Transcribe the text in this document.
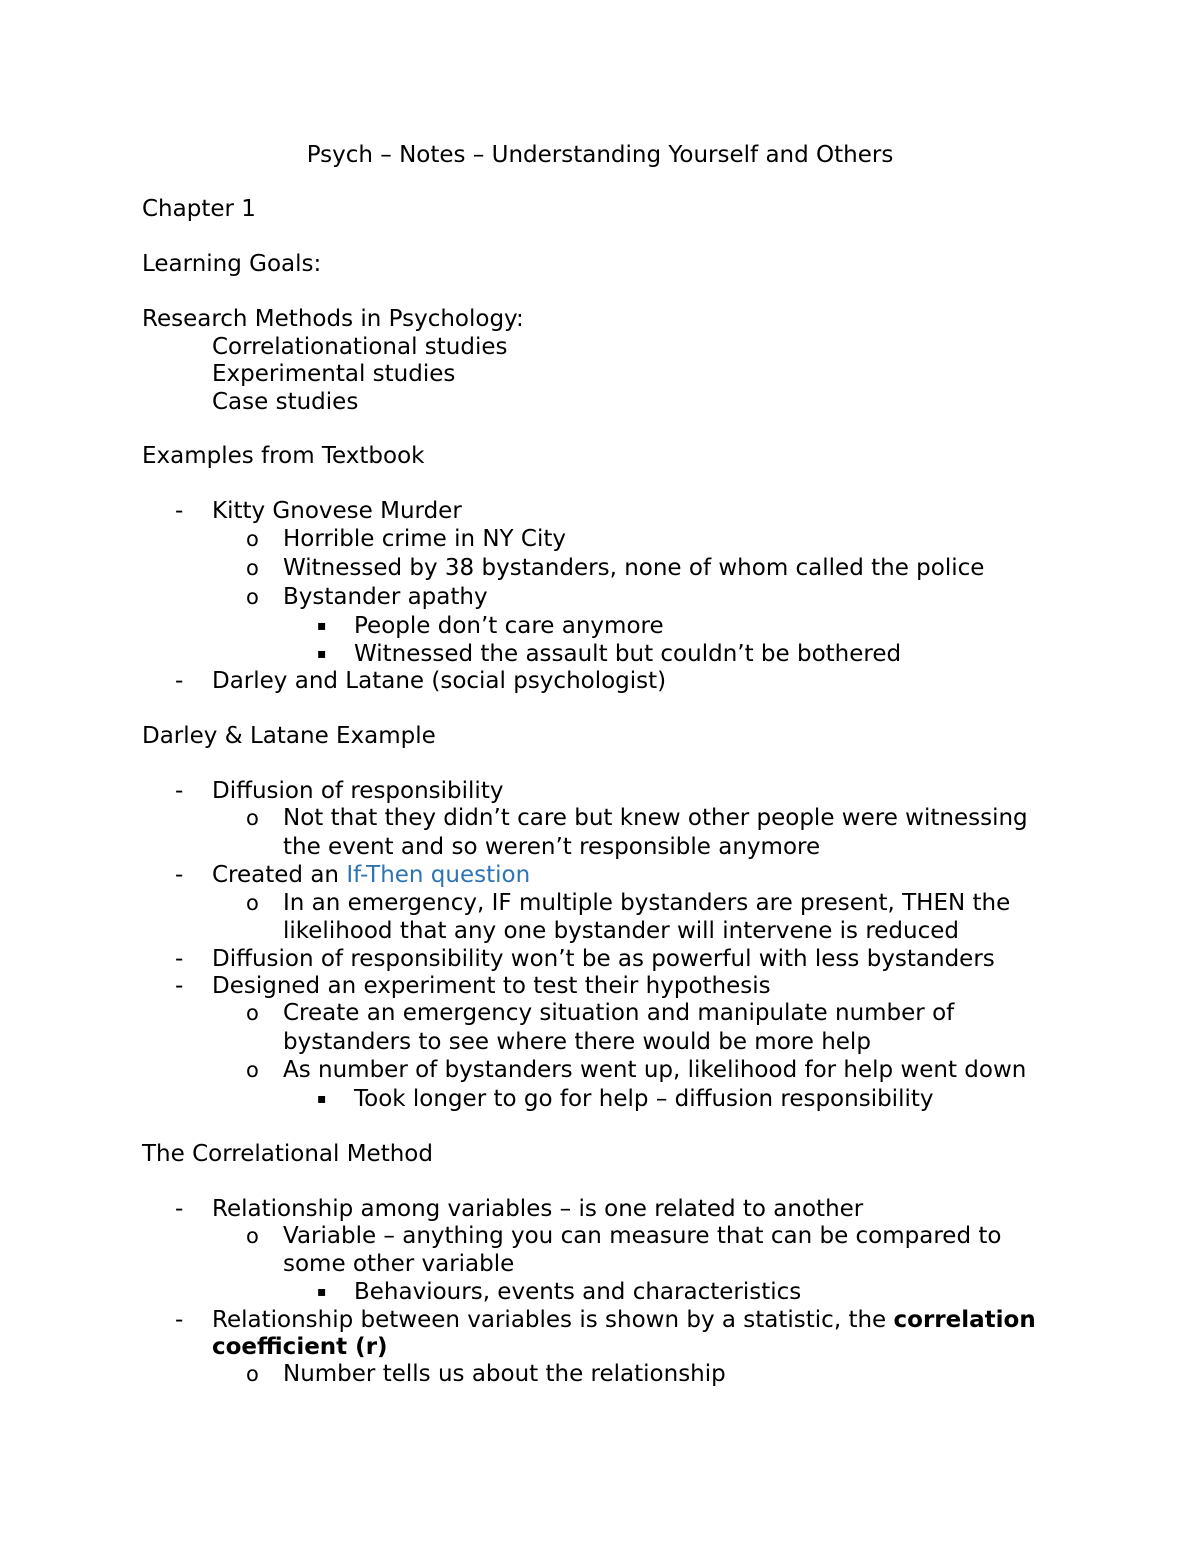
Psych – Notes – Understanding Yourself and Others
Chapter 1
Learning Goals:
Research Methods in Psychology:
Correlationational studies
Experimental studies
Case studies
Examples from Textbook
- Kitty Gnovese Murder
o Horrible crime in NY City
o Witnessed by 38 bystanders, none of whom called the police
o Bystander apathy
▪ People don’t care anymore
▪ Witnessed the assault but couldn’t be bothered
- Darley and Latane (social psychologist)
Darley & Latane Example
- Diffusion of responsibility
o Not that they didn’t care but knew other people were witnessing
the event and so weren’t responsible anymore
- Created an If-Then question
o In an emergency, IF multiple bystanders are present, THEN the
likelihood that any one bystander will intervene is reduced
- Diffusion of responsibility won’t be as powerful with less bystanders
- Designed an experiment to test their hypothesis
o Create an emergency situation and manipulate number of
bystanders to see where there would be more help
o As number of bystanders went up, likelihood for help went down
▪ Took longer to go for help – diffusion responsibility
The Correlational Method
- Relationship among variables – is one related to another
o Variable – anything you can measure that can be compared to
some other variable
▪ Behaviours, events and characteristics
- Relationship between variables is shown by a statistic, the correlation
coefficient (r)
o Number tells us about the relationship
